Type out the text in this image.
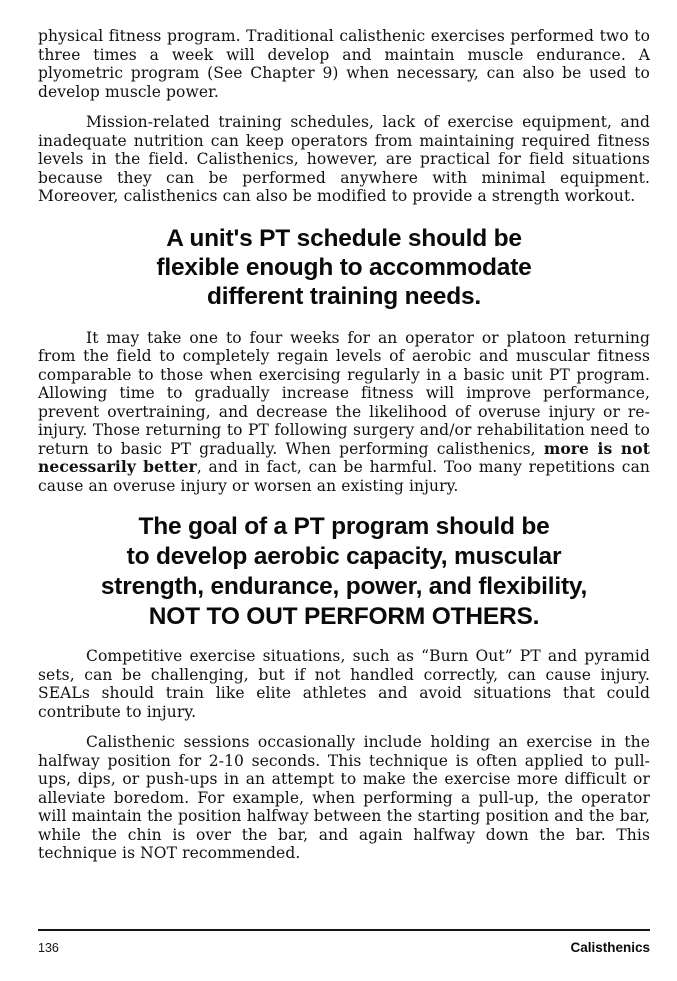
physical fitness program. Traditional calisthenic exercises performed two to three times a week will develop and maintain muscle endurance. A plyometric program (See Chapter 9) when necessary, can also be used to develop muscle power.

Mission-related training schedules, lack of exercise equipment, and inadequate nutrition can keep operators from maintaining required fitness levels in the field. Calisthenics, however, are practical for field situations because they can be performed anywhere with minimal equipment. Moreover, calisthenics can also be modified to provide a strength workout.

A unit's PT schedule should be
flexible enough to accommodate
different training needs.

It may take one to four weeks for an operator or platoon returning from the field to completely regain levels of aerobic and muscular fitness comparable to those when exercising regularly in a basic unit PT program. Allowing time to gradually increase fitness will improve performance, prevent overtraining, and decrease the likelihood of overuse injury or re-injury. Those returning to PT following surgery and/or rehabilitation need to return to basic PT gradually. When performing calisthenics, more is not necessarily better, and in fact, can be harmful. Too many repetitions can cause an overuse injury or worsen an existing injury.

The goal of a PT program should be
to develop aerobic capacity, muscular
strength, endurance, power, and flexibility,
NOT TO OUT PERFORM OTHERS.

Competitive exercise situations, such as “Burn Out” PT and pyramid sets, can be challenging, but if not handled correctly, can cause injury. SEALs should train like elite athletes and avoid situations that could contribute to injury.

Calisthenic sessions occasionally include holding an exercise in the halfway position for 2-10 seconds. This technique is often applied to pull-ups, dips, or push-ups in an attempt to make the exercise more difficult or alleviate boredom. For example, when performing a pull-up, the operator will maintain the position halfway between the starting position and the bar, while the chin is over the bar, and again halfway down the bar. This technique is NOT recommended.

136	Calisthenics
